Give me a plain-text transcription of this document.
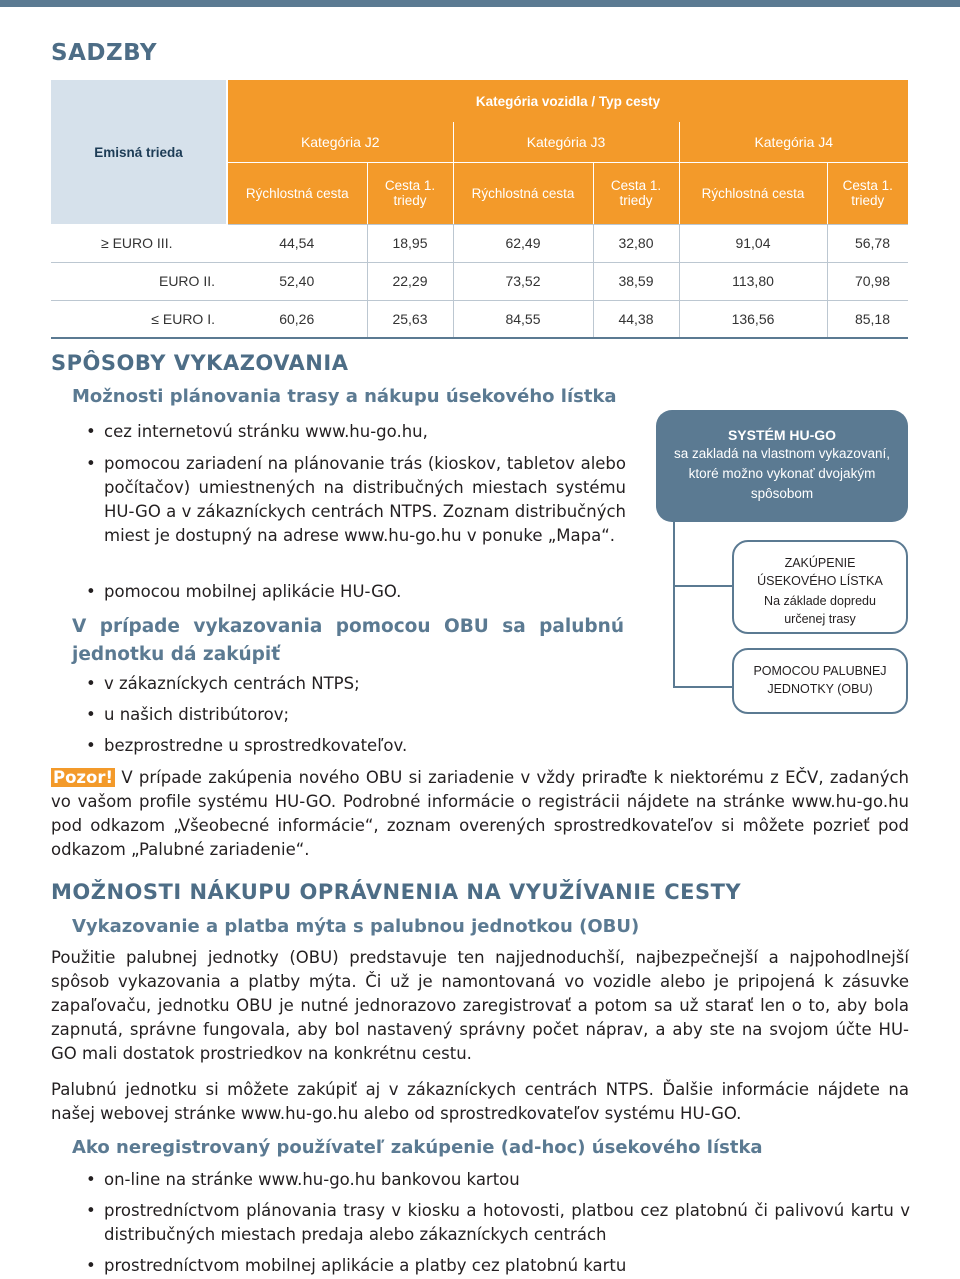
SADZBY
Emisná trieda	Kategória vozidla / Typ cesty					
	Kategória J2		Kategória J3		Kategória J4	
	Rýchlostná cesta	Cesta 1. triedy	Rýchlostná cesta	Cesta 1. triedy	Rýchlostná cesta	Cesta 1. triedy
≥ EURO III.	44,54	18,95	62,49	32,80	91,04	56,78
EURO II.	52,40	22,29	73,52	38,59	113,80	70,98
≤ EURO I.	60,26	25,63	84,55	44,38	136,56	85,18
SPÔSOBY VYKAZOVANIA
Možnosti plánovania trasy a nákupu úsekového lístka
• cez internetovú stránku www.hu-go.hu,
• pomocou zariadení na plánovanie trás (kioskov, tabletov alebo počítačov) umiestnených na distribučných miestach systému HU-GO a v zákazníckych centrách NTPS. Zoznam distribučných miest je dostupný na adrese www.hu-go.hu v ponuke „Mapa“.
• pomocou mobilnej aplikácie HU-GO.
V prípade vykazovania pomocou OBU sa palubnú jednotku dá zakúpiť
• v zákazníckych centrách NTPS;
• u našich distribútorov;
• bezprostredne u sprostredkovateľov.
SYSTÉM HU-GO
sa zakladá na vlastnom vykazovaní, ktoré možno vykonať dvojakým spôsobom
ZAKÚPENIE ÚSEKOVÉHO LÍSTKA
Na základe dopredu určenej trasy
POMOCOU PALUBNEJ JEDNOTKY (OBU)
Pozor! V prípade zakúpenia nového OBU si zariadenie v vždy priraďte k niektorému z EČV, zadaných vo vašom profile systému HU-GO. Podrobné informácie o registrácii nájdete na stránke www.hu-go.hu pod odkazom „Všeobecné informácie“, zoznam overených sprostredkovateľov si môžete pozrieť pod odkazom „Palubné zariadenie“.
MOŽNOSTI NÁKUPU OPRÁVNENIA NA VYUŽÍVANIE CESTY
Vykazovanie a platba mýta s palubnou jednotkou (OBU)
Použitie palubnej jednotky (OBU) predstavuje ten najjednoduchší, najbezpečnejší a najpohodlnejší spôsob vykazovania a platby mýta. Či už je namontovaná vo vozidle alebo je pripojená k zásuvke zapaľovaču, jednotku OBU je nutné jednorazovo zaregistrovať a potom sa už starať len o to, aby bola zapnutá, správne fungovala, aby bol nastavený správny počet náprav, a aby ste na svojom účte HU-GO mali dostatok prostriedkov na konkrétnu cestu.
Palubnú jednotku si môžete zakúpiť aj v zákazníckych centrách NTPS. Ďalšie informácie nájdete na našej webovej stránke www.hu-go.hu alebo od sprostredkovateľov systému HU-GO.
Ako neregistrovaný používateľ zakúpenie (ad-hoc) úsekového lístka
• on-line na stránke www.hu-go.hu bankovou kartou
• prostredníctvom plánovania trasy v kiosku a hotovosti, platbou cez platobnú či palivovú kartu v distribučných miestach predaja alebo zákazníckych centrách
• prostredníctvom mobilnej aplikácie a platby cez platobnú kartu
